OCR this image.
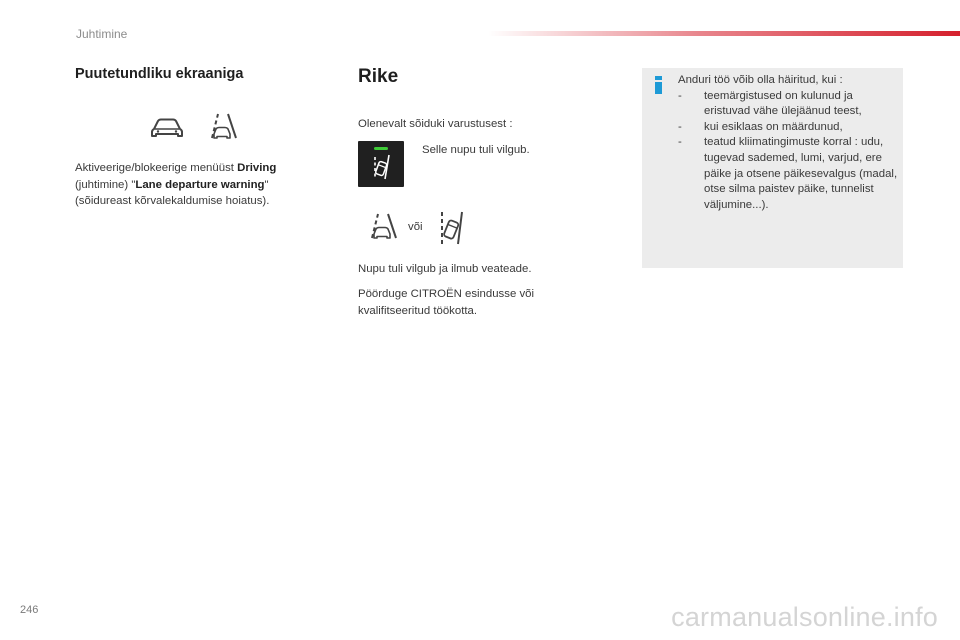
Juhtimine
Puutetundliku ekraaniga
Aktiveerige/blokeerige menüüst Driving (juhtimine) "Lane departure warning" (sõidureast kõrvalekaldumise hoiatus).
Rike
Olenevalt sõiduki varustusest :
Selle nupu tuli vilgub.
või
Nupu tuli vilgub ja ilmub veateade.
Pöörduge CITROËN esindusse või kvalifitseeritud töökotta.
Anduri töö võib olla häiritud, kui :
-	teemärgistused on kulunud ja eristuvad vähe ülejäänud teest,
-	kui esiklaas on määrdunud,
-	teatud kliimatingimuste korral : udu, tugevad sademed, lumi, varjud, ere päike ja otsene päikesevalgus (madal, otse silma paistev päike, tunnelist väljumine...).
246	carmanualsonline.info
